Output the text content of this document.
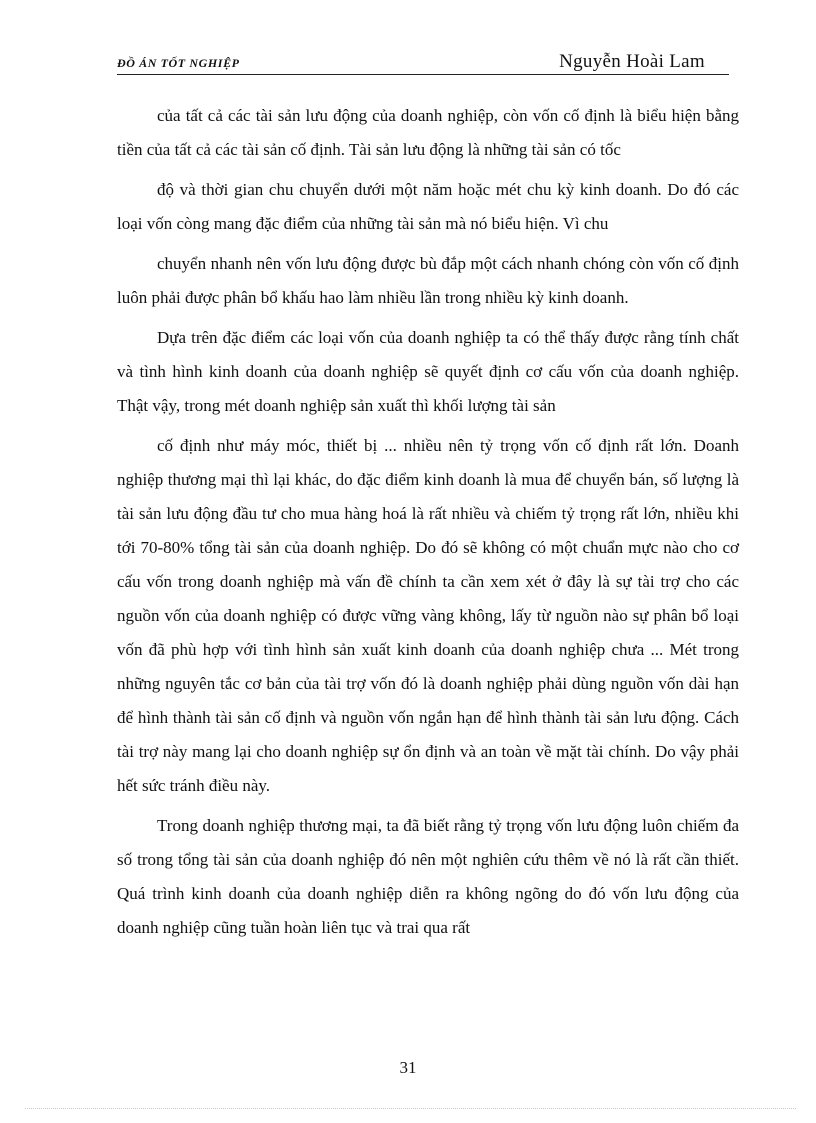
ĐỒ ÁN TỐT NGHIỆP	Nguyễn Hoài Lam

của tất cả các tài sản lưu động của doanh nghiệp, còn vốn cố định là biểu hiện bằng tiền của tất cả các tài sản cố định. Tài sản lưu động là những tài sản có tốc

độ và thời gian chu chuyển dưới một năm hoặc mét chu kỳ kinh doanh. Do đó các loại vốn còng mang đặc điểm của những tài sản mà nó biểu hiện. Vì chu

chuyển nhanh nên vốn lưu động được bù đắp một cách nhanh chóng còn vốn cố định luôn phải được phân bổ khấu hao làm nhiều lần trong nhiều kỳ kinh doanh.

Dựa trên đặc điểm các loại vốn của doanh nghiệp ta có thể thấy được rằng tính chất và tình hình kinh doanh của doanh nghiệp sẽ quyết định cơ cấu vốn của doanh nghiệp. Thật vậy, trong mét doanh nghiệp sản xuất thì khối lượng tài sản

cố định như máy móc, thiết bị ... nhiều nên tỷ trọng vốn cố định rất lớn. Doanh nghiệp thương mại thì lại khác, do đặc điểm kinh doanh là mua để chuyển bán, số lượng là tài sản lưu động đầu tư cho mua hàng hoá là rất nhiều và chiếm tỷ trọng rất lớn, nhiều khi tới 70-80% tổng tài sản của doanh nghiệp. Do đó sẽ không có một chuẩn mực nào cho cơ cấu vốn trong doanh nghiệp mà vấn đề chính ta cần xem xét ở đây là sự tài trợ cho các nguồn vốn của doanh nghiệp có được vững vàng không, lấy từ nguồn nào sự phân bổ loại vốn đã phù hợp với tình hình sản xuất kinh doanh của doanh nghiệp chưa ... Mét trong những nguyên tắc cơ bản của tài trợ vốn đó là doanh nghiệp phải dùng nguồn vốn dài hạn để hình thành tài sản cố định và nguồn vốn ngắn hạn để hình thành tài sản lưu động. Cách tài trợ này mang lại cho doanh nghiệp sự ổn định và an toàn về mặt tài chính. Do vậy phải hết sức tránh điều này.

Trong doanh nghiệp thương mại, ta đã biết rằng tỷ trọng vốn lưu động luôn chiếm đa số trong tổng tài sản của doanh nghiệp đó nên một nghiên cứu thêm về nó là rất cần thiết. Quá trình kinh doanh của doanh nghiệp diễn ra không ngõng do đó vốn lưu động của doanh nghiệp cũng tuần hoàn liên tục và trai qua rất

31
